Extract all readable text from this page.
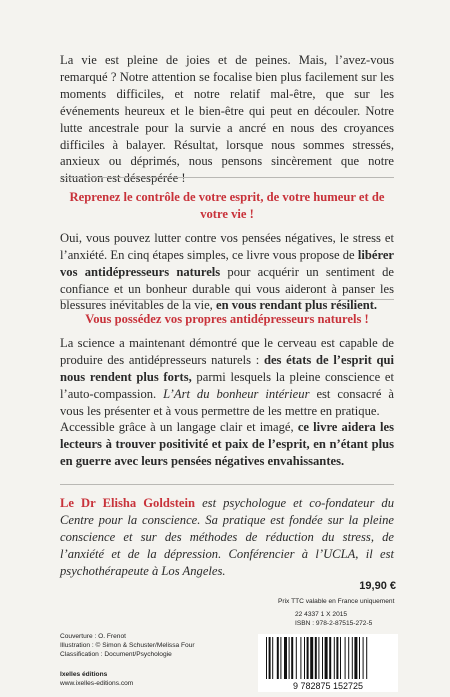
La vie est pleine de joies et de peines. Mais, l’avez-vous remarqué ? Notre attention se focalise bien plus facilement sur les moments difficiles, et notre relatif mal-être, que sur les événements heureux et le bien-être qui peut en découler. Notre lutte ancestrale pour la survie a ancré en nous des croyances difficiles à balayer. Résultat, lorsque nous sommes stressés, anxieux ou déprimés, nous pensons sincèrement que notre situation est désespérée !

Reprenez le contrôle de votre esprit, de votre humeur et de votre vie !

Oui, vous pouvez lutter contre vos pensées négatives, le stress et l’anxiété. En cinq étapes simples, ce livre vous propose de libérer vos antidépresseurs naturels pour acquérir un sentiment de confiance et un bonheur durable qui vous aideront à panser les blessures inévitables de la vie, en vous rendant plus résilient.

Vous possédez vos propres antidépresseurs naturels !

La science a maintenant démontré que le cerveau est capable de produire des antidépresseurs naturels : des états de l’esprit qui nous rendent plus forts, parmi lesquels la pleine conscience et l’auto-compassion. L’Art du bonheur intérieur est consacré à vous les présenter et à vous permettre de les mettre en pratique.

Accessible grâce à un langage clair et imagé, ce livre aidera les lecteurs à trouver positivité et paix de l’esprit, en n’étant plus en guerre avec leurs pensées négatives envahissantes.

Le Dr Elisha Goldstein est psychologue et co-fondateur du Centre pour la conscience. Sa pratique est fondée sur la pleine conscience et sur des méthodes de réduction du stress, de l’anxiété et de la dépression. Conférencier à l’UCLA, il est psychothérapeute à Los Angeles.

19,90 €
Prix TTC valable en France uniquement
22 4337 1 X 2015
ISBN : 978-2-87515-272-5
Couverture : O. Frenot
Illustration : © Simon & Schuster/Melissa Four
Classification : Document/Psychologie
Ixelles éditions
www.ixelles-editions.com	9 782875 152725
